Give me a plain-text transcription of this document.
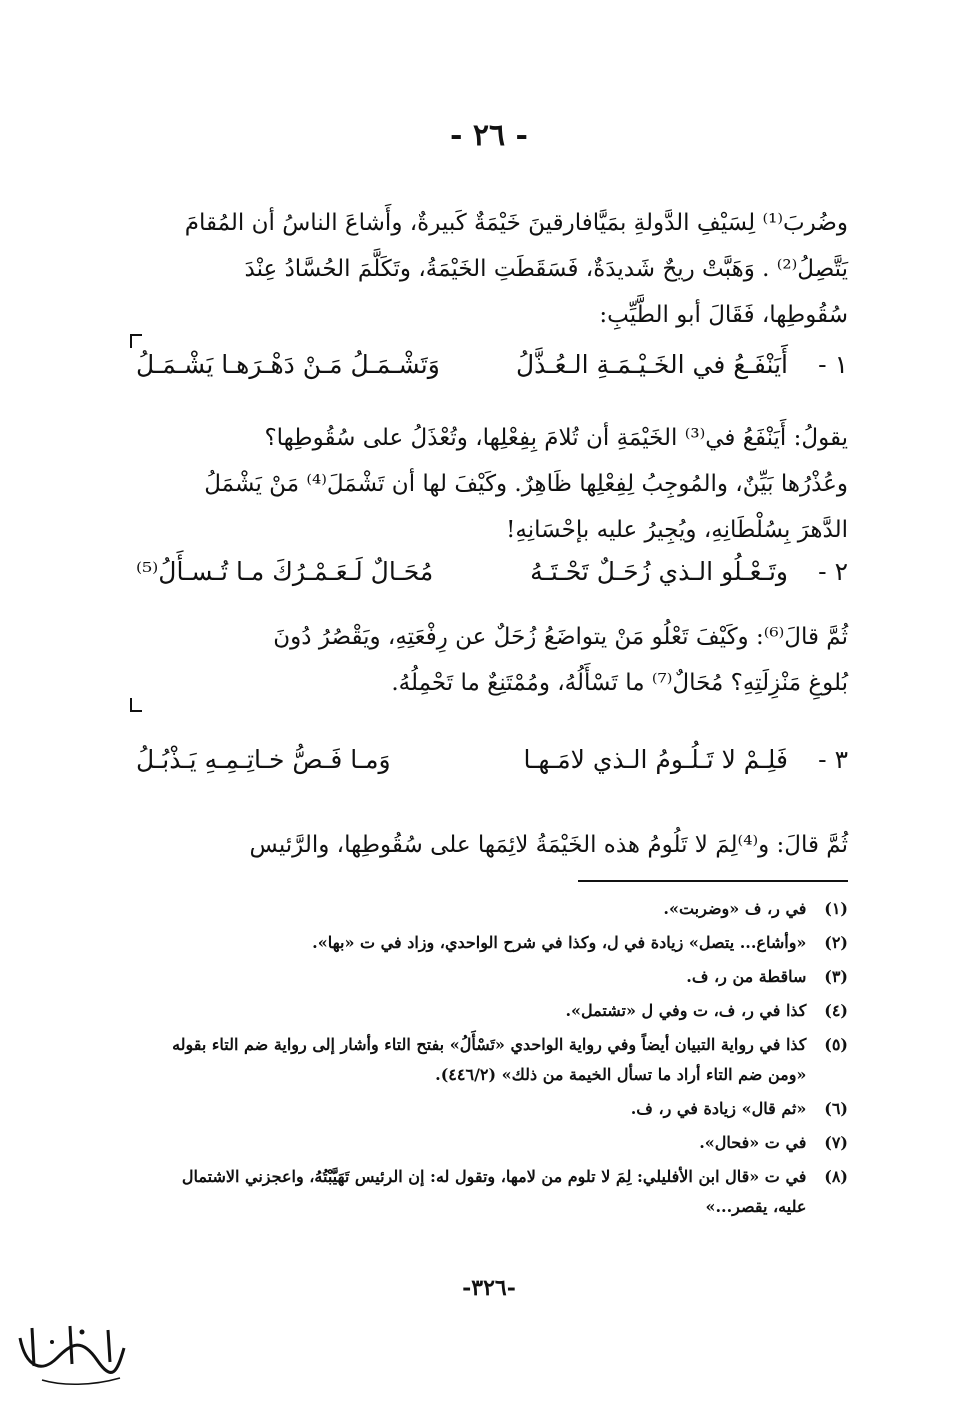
- ٢٦ -
وضُربَ⁽¹⁾ لِسَيْفِ الدَّولةِ بمَيَّافارقينَ خَيْمَةٌ كَبيرةٌ، وأَشاعَ الناسُ أن المُقامَ
يَتَّصِلُ⁽²⁾ . وَهَبَّتْ ريحٌ شَديدَةٌ، فَسَقَطَتِ الخَيْمَةُ، وتَكَلَّمَ الحُسَّادُ عِنْدَ
سُقُوطِها، فَقَالَ أبو الطَّيِّبِ:
١ -
أَيَنْفَـعُ في الخَـيْـمَـةِ الـعُـذَّلُ
وَتَشْـمَـلُ مَـنْ دَهْـرَهـا يَشْـمَـلُ
يقولُ: أَيَنْفَعُ في⁽³⁾ الخَيْمَةِ أن تُلامَ بِفِعْلِها، وتُعْذَلُ على سُقُوطِها؟
وعُذْرُها بَيِّنٌ، والمُوجِبُ لِفِعْلِها ظَاهِرٌ. وكَيْفَ لها أن تَشْمَلَ⁽⁴⁾ مَنْ يَشْمَلُ
الدَّهرَ بِسُلْطَانِهِ، ويُجِيرُ عليه بإحْسَانِهِ!
٢ -
وتَـعْـلُو الـذي زُحَـلٌ تَحْـتَـهُ
مُحَـالٌ لَـعَـمْـرُكَ مـا تُـسـأَلُ⁽⁵⁾
ثُمَّ قالَ⁽⁶⁾: وكَيْفَ تَعْلُو مَنْ يتواضَعُ زُحَلٌ عن رِفْعَتِهِ، ويَقْصُرُ دُونَ
بُلوغِ مَنْزِلَتِهِ؟ مُحَالٌ⁽⁷⁾ ما تَسْأَلُهُ، ومُمْتَنِعٌ ما تَحْمِلُهُ.
٣ -
فَلِـمْ لا تَـلُـومُ الـذي لامَـهـا
وَمـا فَـصُّ خـاتِـمِـهِ يَـذْبُـلُ
ثُمَّ قالَ: و⁽⁴⁾لِمَ لا تَلُومُ هذه الخَيْمَةُ لائِمَها على سُقُوطِها، والرَّئيس
(١) في ر، ف «وضربت».
(٢) «وأشاع... يتصل» زيادة في ل، وكذا في شرح الواحدي، وزاد في ت «بها».
(٣) ساقطة من ر، ف.
(٤) كذا في ر، ف، ت وفي ل «تشتمل».
(٥) كذا في رواية التبيان أيضاً وفي رواية الواحدي «تَسْأَلُ» بفتح التاء وأشار إلى رواية ضم التاء بقوله
«ومن ضم التاء أراد ما تسأل الخيمة من ذلك» (٤٤٦/٢).
(٦) «ثم قال» زيادة في ر، ف.
(٧) في ت «فحال».
(٨) في ت «قال ابن الأفليلي: لِمَ لا تلوم من لامها، وتقول له: إن الرئيس تَهَيَّبْتُهُ، واعجزني الاشتمال
عليه، يقصر...»
-٣٢٦-
